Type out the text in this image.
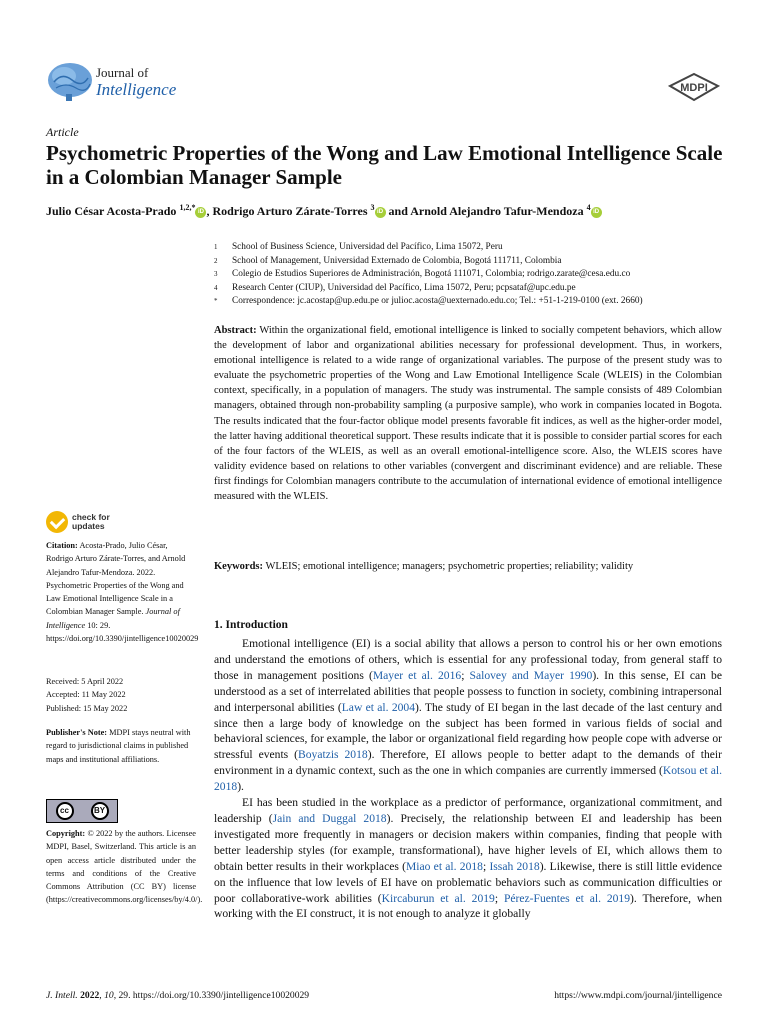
Journal of
Intelligence	MDPI
Article
Psychometric Properties of the Wong and Law Emotional Intelligence Scale in a Colombian Manager Sample
Julio César Acosta-Prado $^{1,2,*}$ iD , Rodrigo Arturo Zárate-Torres $^3$ iD and Arnold Alejandro Tafur-Mendoza $^4$ iD
1	School of Business Science, Universidad del Pacífico, Lima 15072, Peru
2	School of Management, Universidad Externado de Colombia, Bogotá 111711, Colombia
3	Colegio de Estudios Superiores de Administración, Bogotá 111071, Colombia; rodrigo.zarate@cesa.edu.co
4	Research Center (CIUP), Universidad del Pacífico, Lima 15072, Peru; pcpsataf@upc.edu.pe
*	Correspondence: jc.acostap@up.edu.pe or julioc.acosta@uexternado.edu.co; Tel.: +51-1-219-0100 (ext. 2660)
Abstract: Within the organizational field, emotional intelligence is linked to socially competent behaviors, which allow the development of labor and organizational abilities necessary for professional development. Thus, in workers, emotional intelligence is related to a wide range of organizational variables. The purpose of the present study was to evaluate the psychometric properties of the Wong and Law Emotional Intelligence Scale (WLEIS) in the Colombian context, specifically, in a population of managers. The study was instrumental. The sample consists of 489 Colombian managers, obtained through non-probability sampling (a purposive sample), who work in companies located in Bogota. The results indicated that the four-factor oblique model presents favorable fit indices, as well as the higher-order model, the latter having additional theoretical support. These results indicate that it is possible to consider partial scores for each of the four factors of the WLEIS, as well as an overall emotional-intelligence score. Also, the WLEIS scores have validity evidence based on relations to other variables (convergent and discriminant evidence) and are reliable. These first findings for Colombian managers contribute to the accumulation of international evidence of emotional intelligence measured with the WLEIS.
Keywords: WLEIS; emotional intelligence; managers; psychometric properties; reliability; validity
1. Introduction

Emotional intelligence (EI) is a social ability that allows a person to control his or her own emotions and understand the emotions of others, which is essential for any professional today, from general staff to those in management positions (Mayer et al. 2016; Salovey and Mayer 1990). In this sense, EI can be understood as a set of interrelated abilities that people possess to function in society, combining intrapersonal and interpersonal abilities (Law et al. 2004). The study of EI began in the last decade of the last century and since then a large body of knowledge on the subject has been formed in various fields of social and behavioral sciences, for example, the labor or organizational field regarding how people cope with adverse or stressful events (Boyatzis 2018). Therefore, EI allows people to better adapt to the demands of their environment in a dynamic context, such as the one in which companies are currently immersed (Kotsou et al. 2018).

EI has been studied in the workplace as a predictor of performance, organizational commitment, and leadership (Jain and Duggal 2018). Precisely, the relationship between EI and leadership has been investigated more frequently in managers or decision makers within companies, finding that people with better leadership styles (for example, transformational), have higher levels of EI, which allows them to obtain better results in their workplaces (Miao et al. 2018; Issah 2018). Likewise, there is still little evidence on the influence that low levels of EI have on problematic behaviors such as communication difficulties or poor collaborative-work abilities (Kircaburun et al. 2019; Pérez-Fuentes et al. 2019). Therefore, when working with the EI construct, it is not enough to analyze it globally

check for
updates
Citation: Acosta-Prado, Julio César, Rodrigo Arturo Zárate-Torres, and Arnold Alejandro Tafur-Mendoza. 2022. Psychometric Properties of the Wong and Law Emotional Intelligence Scale in a Colombian Manager Sample. Journal of Intelligence 10: 29. https://doi.org/10.3390/jintelligence10020029
Received: 5 April 2022
Accepted: 11 May 2022
Published: 15 May 2022
Publisher's Note: MDPI stays neutral with regard to jurisdictional claims in published maps and institutional affiliations.
cc	BY
Copyright: © 2022 by the authors. Licensee MDPI, Basel, Switzerland. This article is an open access article distributed under the terms and conditions of the Creative Commons Attribution (CC BY) license (https://creativecommons.org/licenses/by/4.0/).
J. Intell. 2022, 10, 29. https://doi.org/10.3390/jintelligence10020029	https://www.mdpi.com/journal/jintelligence
